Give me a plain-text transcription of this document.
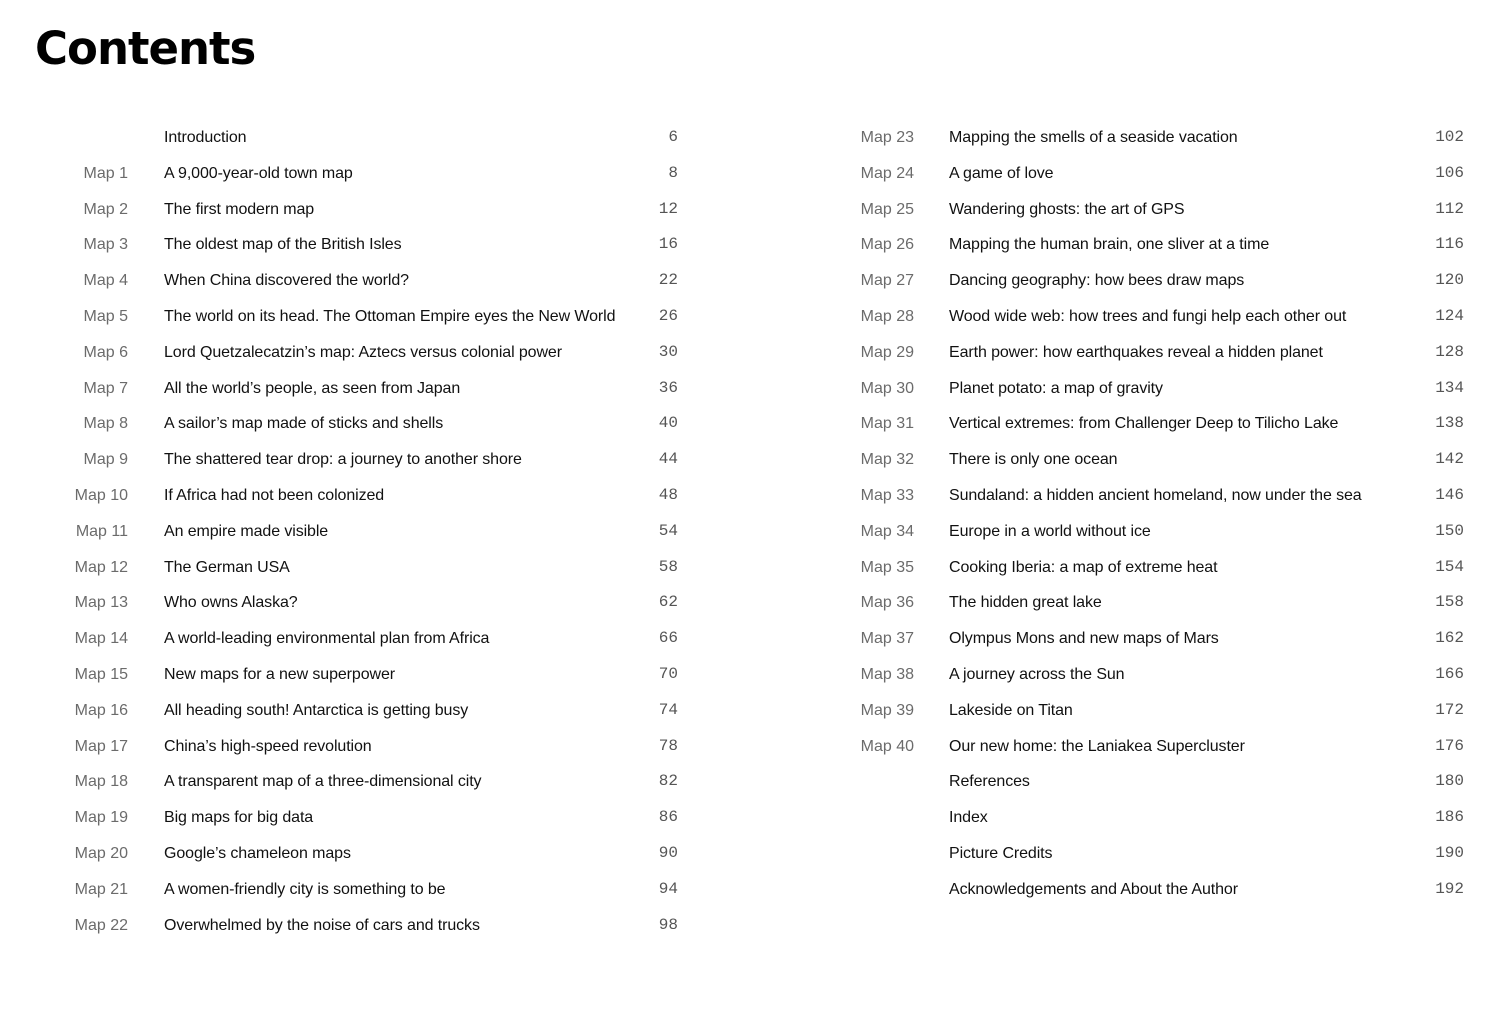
Contents
Introduction	6
Map 1 A 9,000-year-old town map	8
Map 2 The first modern map	12
Map 3 The oldest map of the British Isles	16
Map 4 When China discovered the world?	22
Map 5 The world on its head. The Ottoman Empire eyes the New World	26
Map 6 Lord Quetzalecatzin’s map: Aztecs versus colonial power	30
Map 7 All the world’s people, as seen from Japan	36
Map 8 A sailor’s map made of sticks and shells	40
Map 9 The shattered tear drop: a journey to another shore	44
Map 10 If Africa had not been colonized	48
Map 11 An empire made visible	54
Map 12 The German USA	58
Map 13 Who owns Alaska?	62
Map 14 A world-leading environmental plan from Africa	66
Map 15 New maps for a new superpower	70
Map 16 All heading south! Antarctica is getting busy	74
Map 17 China’s high-speed revolution	78
Map 18 A transparent map of a three-dimensional city	82
Map 19 Big maps for big data	86
Map 20 Google’s chameleon maps	90
Map 21 A women-friendly city is something to be	94
Map 22 Overwhelmed by the noise of cars and trucks	98
Map 23 Mapping the smells of a seaside vacation	102
Map 24 A game of love	106
Map 25 Wandering ghosts: the art of GPS	112
Map 26 Mapping the human brain, one sliver at a time	116
Map 27 Dancing geography: how bees draw maps	120
Map 28 Wood wide web: how trees and fungi help each other out	124
Map 29 Earth power: how earthquakes reveal a hidden planet	128
Map 30 Planet potato: a map of gravity	134
Map 31 Vertical extremes: from Challenger Deep to Tilicho Lake	138
Map 32 There is only one ocean	142
Map 33 Sundaland: a hidden ancient homeland, now under the sea	146
Map 34 Europe in a world without ice	150
Map 35 Cooking Iberia: a map of extreme heat	154
Map 36 The hidden great lake	158
Map 37 Olympus Mons and new maps of Mars	162
Map 38 A journey across the Sun	166
Map 39 Lakeside on Titan	172
Map 40 Our new home: the Laniakea Supercluster	176
References	180
Index	186
Picture Credits	190
Acknowledgements and About the Author	192
